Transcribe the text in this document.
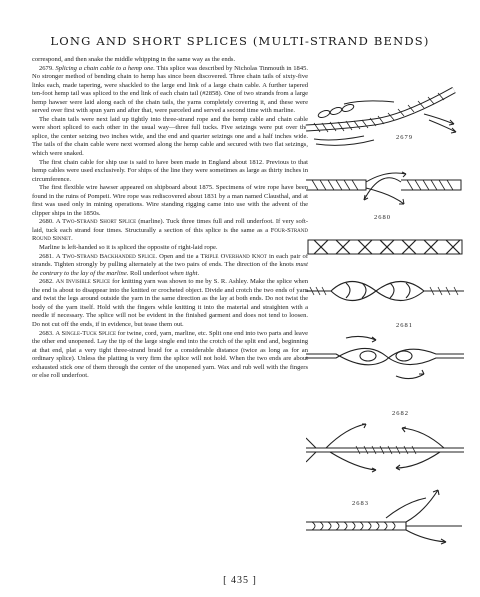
LONG AND SHORT SPLICES (MULTI-STRAND BENDS)

correspond, and then snake the middle whipping in the same way as the ends.

2679. Splicing a chain cable to a hemp one. This splice was described by Nicholas Tinmouth in 1845. No stronger method of bending chain to hemp has since been discovered. Three chain tails of sixty-five links each, made tapering, were shackled to the large end link of a large chain cable. A further tapered ten-foot hemp tail was spliced to the end link of each chain tail (#2858). One of two strands from a large hemp hawser were laid along each of the chain tails, the yarns completely covering it, and these were served over first with spun yarn and after that, were parceled and served a second time with marline.

The chain tails were next laid up tightly into three-strand rope and the hemp cable and chain cable were short spliced to each other in the usual way—three full tucks. Five seizings were put over the splice, the center seizing two inches wide, and the end and quarter seizings one and a half inches wide. The tails of the chain cable were next wormed along the hemp cable and secured with two flat seizings, which were snaked.

The first chain cable for ship use is said to have been made in England about 1812. Previous to that hemp cables were used exclusively. For ships of the line they were sometimes as large as thirty inches in circumference.

The first flexible wire hawser appeared on shipboard about 1875. Specimens of wire rope have been found in the ruins of Pompeii. Wire rope was rediscovered about 1831 by a man named Clausthal, and at first was used only in mining operations. Wire standing rigging came into use with the advent of the clipper ships in the 1850s.

2680. A Two-Strand Short Splice (marline). Tuck three times full and roll underfoot. If very soft-laid, tuck each strand four times. Structurally a section of this splice is the same as a Four-Strand Round Sinnet.

Marline is left-handed so it is spliced the opposite of right-laid rope.

2681. A Two-Strand Backhanded Splice. Open and tie a Triple Overhand Knot in each pair of strands. Tighten strongly by pulling alternately at the two pairs of ends. The direction of the knots must be contrary to the lay of the marline. Roll underfoot when tight.

2682. An Invisible Splice for knitting yarn was shown to me by S. R. Ashley. Make the splice when the end is about to disappear into the knitted or crocheted object. Divide and crotch the two ends of yarn and twist the legs around outside the yarn in the same direction as the lay at both ends. Do not twist the body of the yarn itself. Hold with the fingers while knitting it into the material and straighten with a needle if necessary. The splice will not be evident in the finished garment and does not tend to loosen. Do not cut off the ends, if in evidence, but tease them out.

2683. A Single-Tuck Splice for twine, cord, yarn, marline, etc. Split one end into two parts and leave the other end unopened. Lay the tip of the large single end into the crotch of the split end and, beginning at that end, plat a very tight three-strand braid for a considerable distance (twice as long as for an ordinary splice). Unless the platting is very firm the splice will not hold. When the two ends are about exhausted stick one of them through the center of the unopened yarn. Wax and rub well with the fingers or else roll underfoot.

2679
2680
2681
2682
2683
[ 435 ]
